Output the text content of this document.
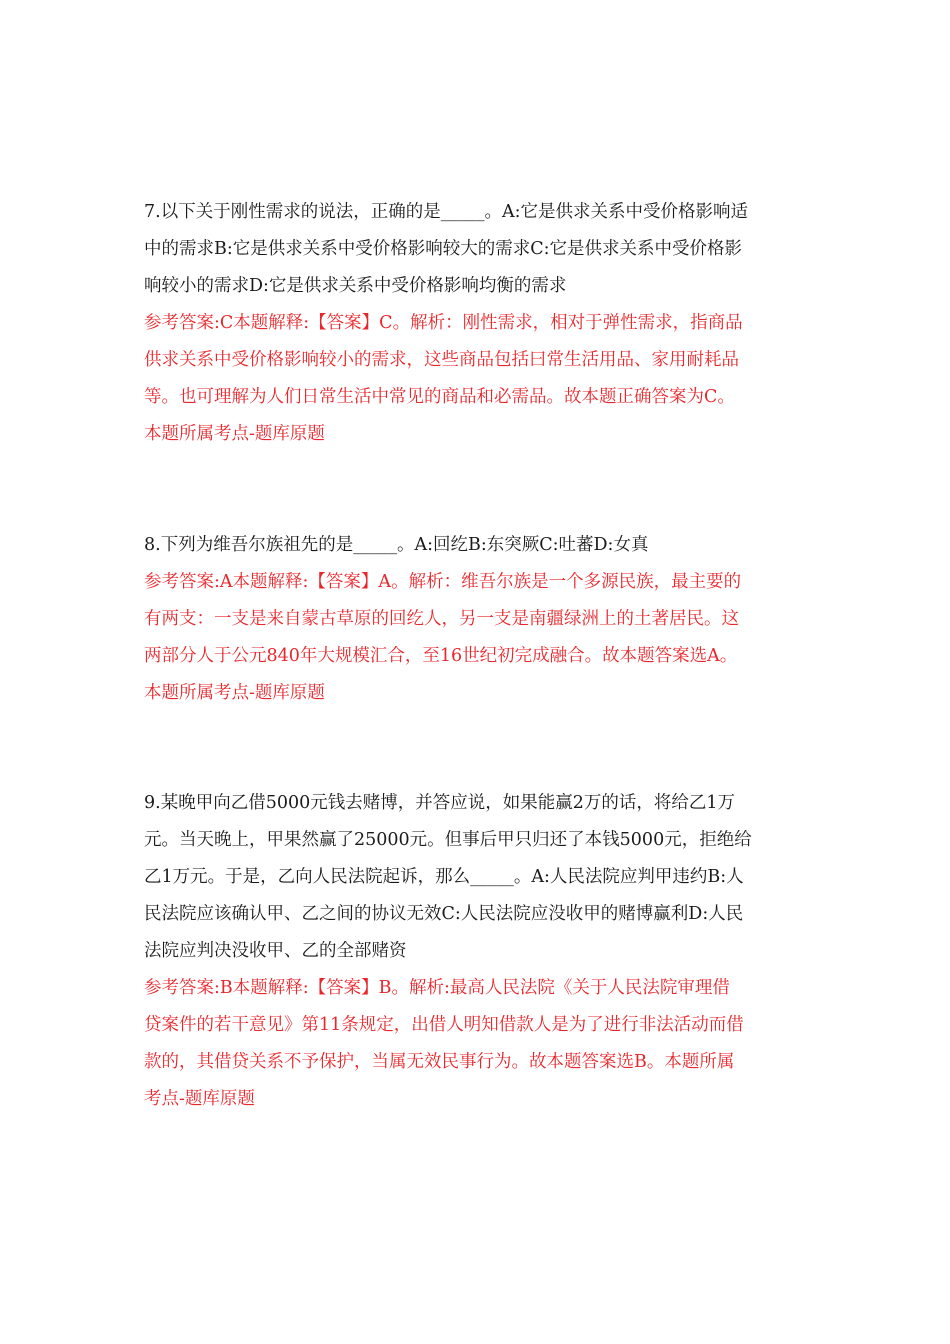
7.以下关于刚性需求的说法，正确的是_____。A:它是供求关系中受价格影响适
中的需求B:它是供求关系中受价格影响较大的需求C:它是供求关系中受价格影
响较小的需求D:它是供求关系中受价格影响均衡的需求
参考答案:C本题解释:【答案】C。解析：刚性需求，相对于弹性需求，指商品
供求关系中受价格影响较小的需求，这些商品包括曰常生活用品、家用耐耗品
等。也可理解为人们日常生活中常见的商品和必需品。故本题正确答案为C。
本题所属考点-题库原题
8.下列为维吾尔族祖先的是_____。A:回纥B:东突厥C:吐蕃D:女真
参考答案:A本题解释:【答案】A。解析：维吾尔族是一个多源民族，最主要的
有两支：一支是来自蒙古草原的回纥人，另一支是南疆绿洲上的土著居民。这
两部分人于公元840年大规模汇合，至16世纪初完成融合。故本题答案选A。
本题所属考点-题库原题
9.某晚甲向乙借5000元钱去赌博，并答应说，如果能赢2万的话，将给乙1万
元。当天晚上，甲果然赢了25000元。但事后甲只归还了本钱5000元，拒绝给
乙1万元。于是，乙向人民法院起诉，那么_____。A:人民法院应判甲违约B:人
民法院应该确认甲、乙之间的协议无效C:人民法院应没收甲的赌博赢利D:人民
法院应判决没收甲、乙的全部赌资
参考答案:B本题解释:【答案】B。解析:最高人民法院《关于人民法院审理借
贷案件的若干意见》第11条规定，出借人明知借款人是为了进行非法活动而借
款的，其借贷关系不予保护，当属无效民事行为。故本题答案选B。本题所属
考点-题库原题
